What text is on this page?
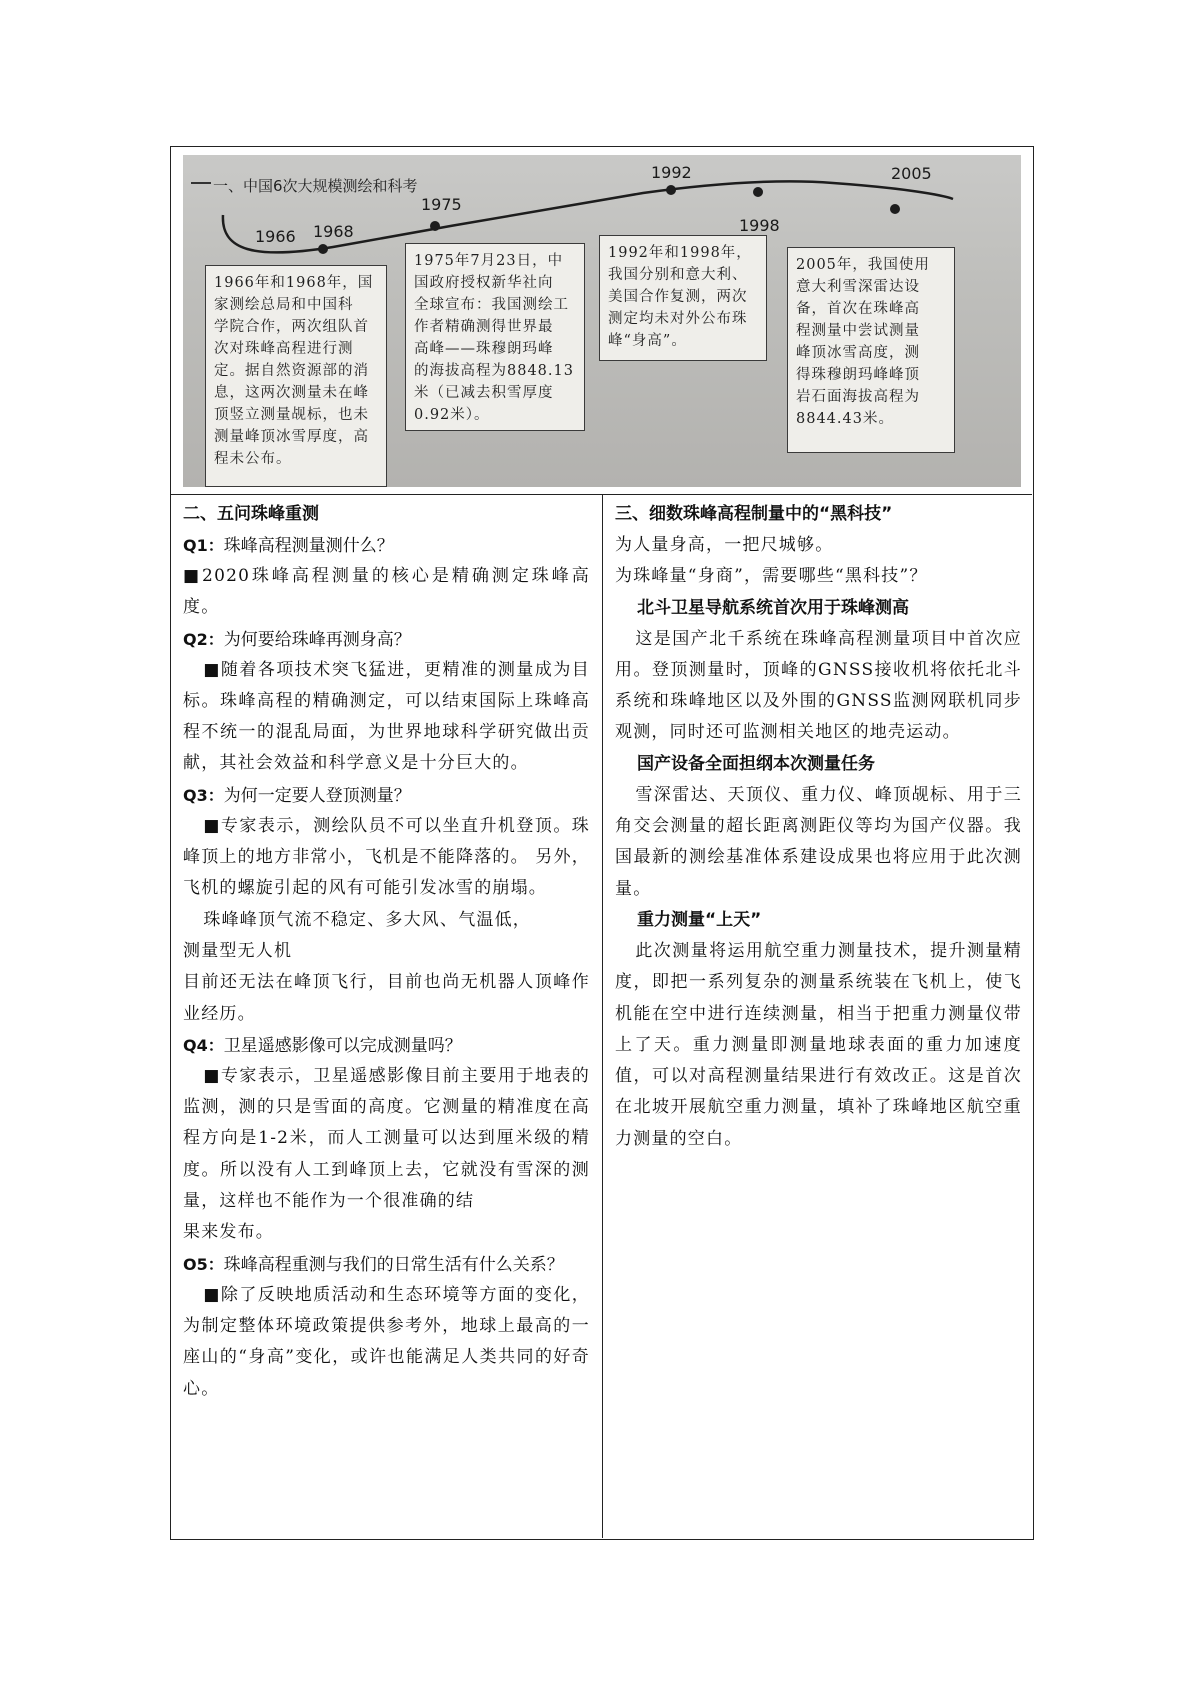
一、中国6次大规模测绘和科考
1966 1968
1975
1992
1998
2005
1966年和1968年，国
家测绘总局和中国科
学院合作，两次组队首
次对珠峰高程进行测
定。据自然资源部的消
息，这两次测量未在峰
顶竖立测量觇标，也未
测量峰顶冰雪厚度，高
程未公布。
1975年7月23日，中
国政府授权新华社向
全球宣布：我国测绘工
作者精确测得世界最
高峰——珠穆朗玛峰
的海拔高程为8848.13
米（已减去积雪厚度
0.92米）。
1992年和1998年，
我国分别和意大利、
美国合作复测，两次
测定均未对外公布珠
峰“身高”。
2005年，我国使用
意大利雪深雷达设
备，首次在珠峰高
程测量中尝试测量
峰顶冰雪高度，测
得珠穆朗玛峰峰顶
岩石面海拔高程为
8844.43米。
二、五问珠峰重测
Q1：珠峰高程测量测什么？

■2020珠峰高程测量的核心是精确测定珠峰高度。

Q2：为何要给珠峰再测身高？

■随着各项技术突飞猛进，更精准的测量成为目标。珠峰高程的精确测定，可以结束国际上珠峰高程不统一的混乱局面，为世界地球科学研究做出贡献，其社会效益和科学意义是十分巨大的。

Q3：为何一定要人登顶测量？

■专家表示，测绘队员不可以坐直升机登顶。珠峰顶上的地方非常小，飞机是不能降落的。 另外，飞机的螺旋引起的风有可能引发冰雪的崩塌。

珠峰峰顶气流不稳定、多大风、气温低，

测量型无人机

目前还无法在峰顶飞行，目前也尚无机器人顶峰作业经历。

Q4：卫星遥感影像可以完成测量吗？

■专家表示，卫星遥感影像目前主要用于地表的监测，测的只是雪面的高度。它测量的精准度在高程方向是1-2米，而人工测量可以达到厘米级的精度。所以没有人工到峰顶上去，它就没有雪深的测量，这样也不能作为一个很准确的结

果来发布。

O5：珠峰高程重测与我们的日常生活有什么关系？

■除了反映地质活动和生态环境等方面的变化，为制定整体环境政策提供参考外，地球上最高的一座山的“身高”变化，或许也能满足人类共同的好奇心。

三、细数珠峰高程制量中的“黑科技”

为人量身高，一把尺城够。

为珠峰量“身商”，需要哪些“黑科技”？

北斗卫星导航系统首次用于珠峰测高

这是国产北千系统在珠峰高程测量项目中首次应用。登顶测量时，顶峰的GNSS接收机将依托北斗系统和珠峰地区以及外围的GNSS监测网联机同步观测，同时还可监测相关地区的地壳运动。

国产设备全面担纲本次测量任务

雪深雷达、天顶仪、重力仪、峰顶觇标、用于三角交会测量的超长距离测距仪等均为国产仪器。我国最新的测绘基准体系建设成果也将应用于此次测量。

重力测量“上天”

此次测量将运用航空重力测量技术，提升测量精度，即把一系列复杂的测量系统装在飞机上，使飞机能在空中进行连续测量，相当于把重力测量仪带上了天。重力测量即测量地球表面的重力加速度值，可以对高程测量结果进行有效改正。这是首次在北坡开展航空重力测量，填补了珠峰地区航空重力测量的空白。
